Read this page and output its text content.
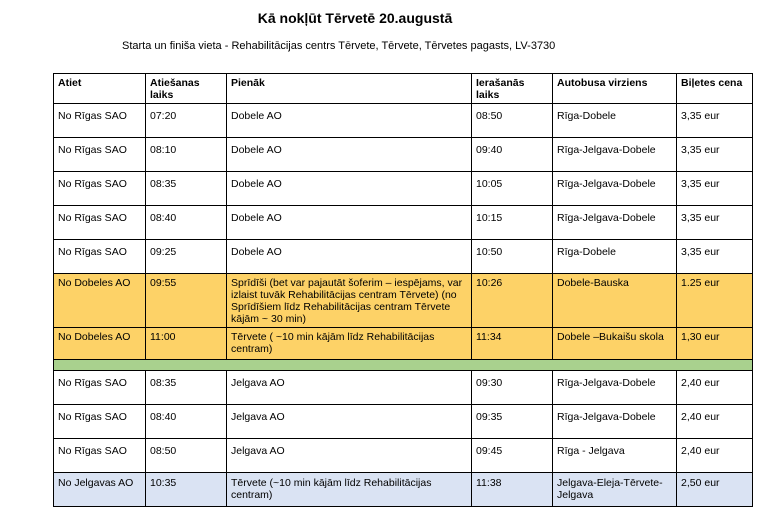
Kā nokļūt Tērvetē 20.augustā
Starta un finiša vieta - Rehabilitācijas centrs Tērvete, Tērvete, Tērvetes pagasts, LV-3730
Atiet	Atiešanas laiks	Pienāk	Ierašanās laiks	Autobusa virziens	Biļetes cena
No Rīgas SAO	07:20	Dobele AO	08:50	Rīga-Dobele	3,35 eur
No Rīgas SAO	08:10	Dobele AO	09:40	Rīga-Jelgava-Dobele	3,35 eur
No Rīgas SAO	08:35	Dobele AO	10:05	Rīga-Jelgava-Dobele	3,35 eur
No Rīgas SAO	08:40	Dobele AO	10:15	Rīga-Jelgava-Dobele	3,35 eur
No Rīgas SAO	09:25	Dobele AO	10:50	Rīga-Dobele	3,35 eur
No Dobeles AO	09:55	Sprīdīši (bet var pajautāt šoferim – iespējams, var izlaist tuvāk Rehabilitācijas centram Tērvete) (no Sprīdīšiem līdz Rehabilitācijas centram Tērvete kājām ~ 30 min)	10:26	Dobele-Bauska	1.25 eur
No Dobeles AO	11:00	Tērvete ( ~10 min kājām līdz Rehabilitācijas centram)	11:34	Dobele –Bukaišu skola	1,30 eur

No Rīgas SAO	08:35	Jelgava AO	09:30	Rīga-Jelgava-Dobele	2,40 eur
No Rīgas SAO	08:40	Jelgava AO	09:35	Rīga-Jelgava-Dobele	2,40 eur
No Rīgas SAO	08:50	Jelgava AO	09:45	Rīga - Jelgava	2,40 eur
No Jelgavas AO	10:35	Tērvete (~10 min kājām līdz Rehabilitācijas centram)	11:38	Jelgava-Eleja-Tērvete-Jelgava	2,50 eur
